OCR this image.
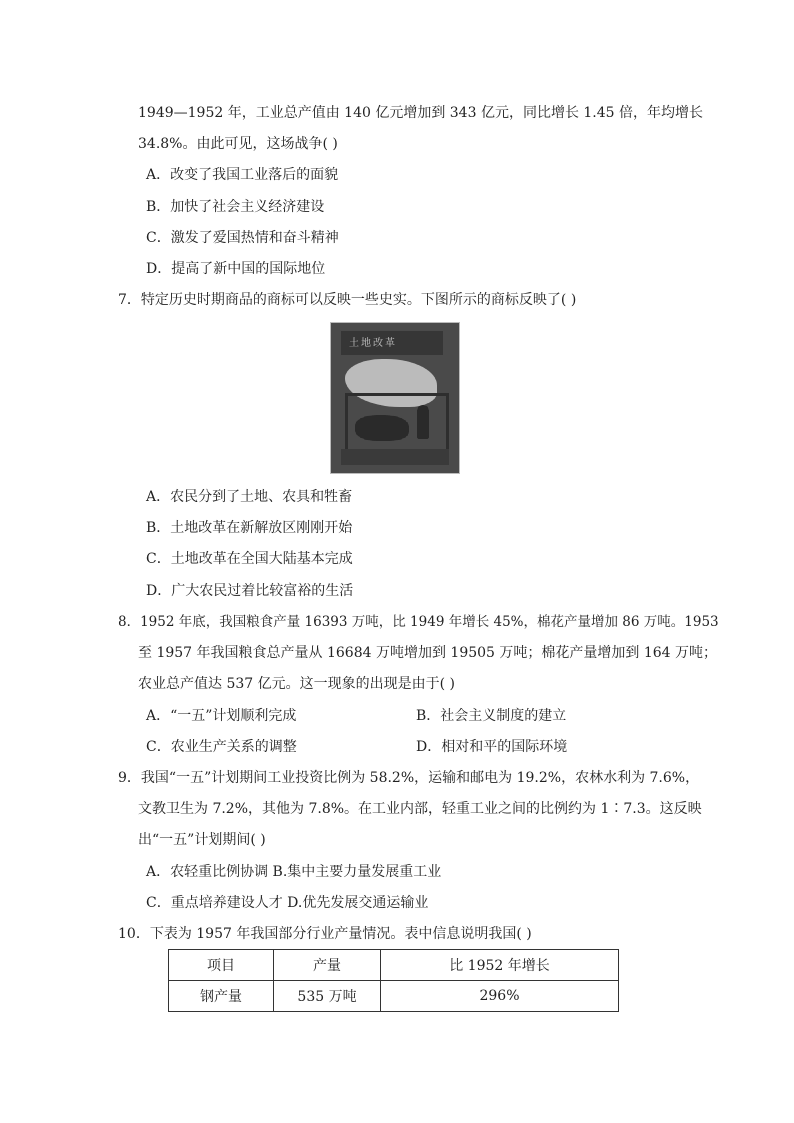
1949—1952 年，工业总产值由 140 亿元增加到 343 亿元，同比增长 1.45 倍，年均增长
34.8%。由此可见，这场战争( )
A．改变了我国工业落后的面貌
B．加快了社会主义经济建设
C．激发了爱国热情和奋斗精神
D．提高了新中国的国际地位
7．特定历史时期商品的商标可以反映一些史实。下图所示的商标反映了( )
土地改革
A．农民分到了土地、农具和牲畜
B．土地改革在新解放区刚刚开始
C．土地改革在全国大陆基本完成
D．广大农民过着比较富裕的生活
8．1952 年底，我国粮食产量 16393 万吨，比 1949 年增长 45%，棉花产量增加 86 万吨。1953
至 1957 年我国粮食总产量从 16684 万吨增加到 19505 万吨；棉花产量增加到 164 万吨；
农业总产值达 537 亿元。这一现象的出现是由于( )
A．“一五”计划顺利完成	B．社会主义制度的建立
C．农业生产关系的调整	D．相对和平的国际环境
9．我国“一五”计划期间工业投资比例为 58.2%，运输和邮电为 19.2%，农林水利为 7.6%，
文教卫生为 7.2%，其他为 7.8%。在工业内部，轻重工业之间的比例约为 1∶7.3。这反映
出“一五”计划期间( )
A．农轻重比例协调 B.集中主要力量发展重工业
C．重点培养建设人才 D.优先发展交通运输业
10．下表为 1957 年我国部分行业产量情况。表中信息说明我国( )
项目	产量	比 1952 年增长
钢产量	535 万吨	296%
